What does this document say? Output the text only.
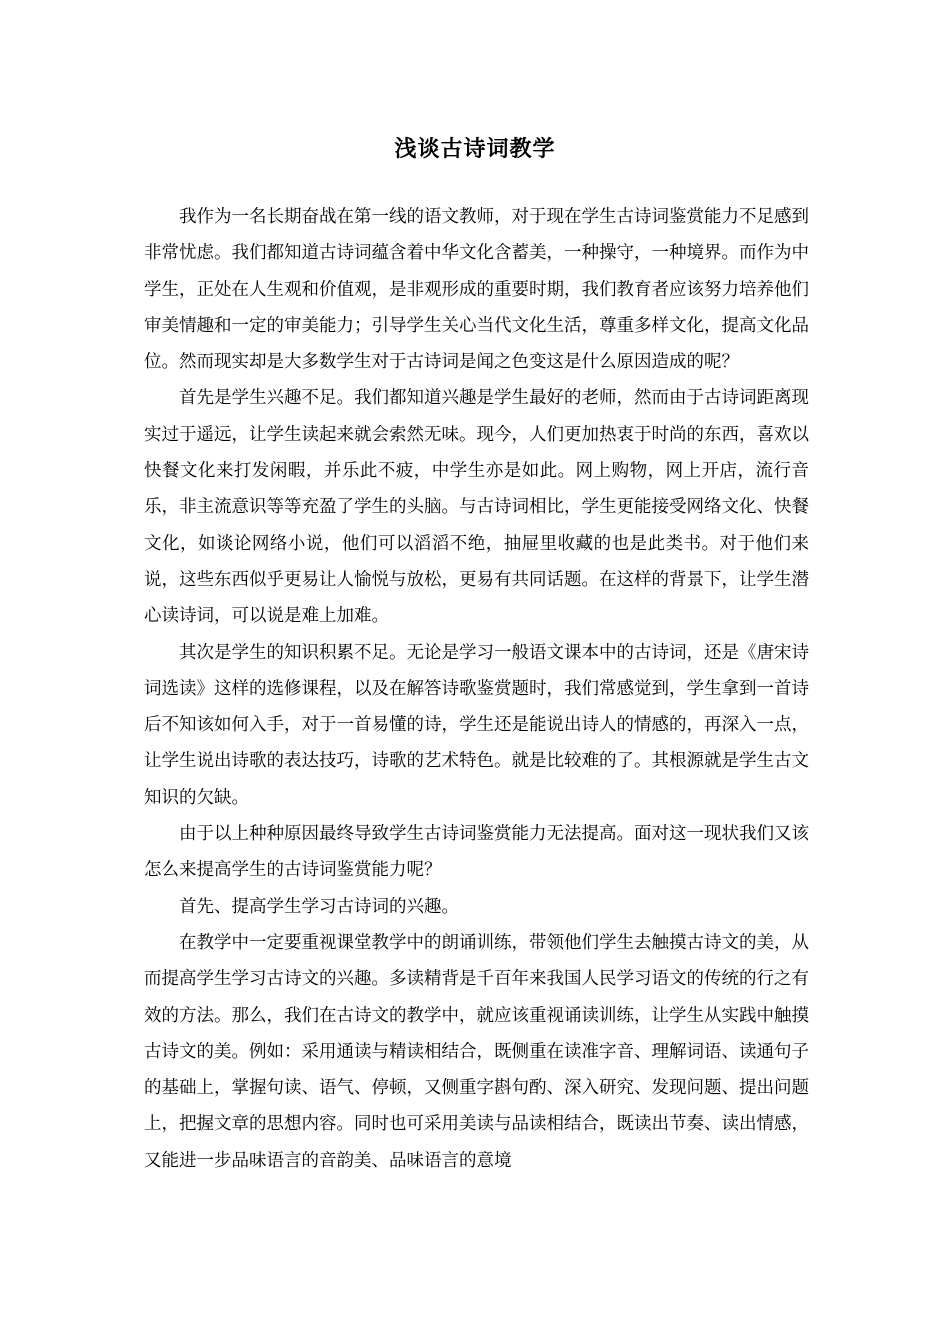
浅谈古诗词教学

我作为一名长期奋战在第一线的语文教师，对于现在学生古诗词鉴赏能力不足感到非常忧虑。我们都知道古诗词蕴含着中华文化含蓄美，一种操守，一种境界。而作为中学生，正处在人生观和价值观，是非观形成的重要时期，我们教育者应该努力培养他们审美情趣和一定的审美能力；引导学生关心当代文化生活，尊重多样文化，提高文化品位。然而现实却是大多数学生对于古诗词是闻之色变这是什么原因造成的呢？

首先是学生兴趣不足。我们都知道兴趣是学生最好的老师，然而由于古诗词距离现实过于遥远，让学生读起来就会索然无味。现今，人们更加热衷于时尚的东西，喜欢以快餐文化来打发闲暇，并乐此不疲，中学生亦是如此。网上购物，网上开店，流行音乐，非主流意识等等充盈了学生的头脑。与古诗词相比，学生更能接受网络文化、快餐文化，如谈论网络小说，他们可以滔滔不绝，抽屉里收藏的也是此类书。对于他们来说，这些东西似乎更易让人愉悦与放松，更易有共同话题。在这样的背景下，让学生潜心读诗词，可以说是难上加难。

其次是学生的知识积累不足。无论是学习一般语文课本中的古诗词，还是《唐宋诗词选读》这样的选修课程，以及在解答诗歌鉴赏题时，我们常感觉到，学生拿到一首诗后不知该如何入手，对于一首易懂的诗，学生还是能说出诗人的情感的，再深入一点，让学生说出诗歌的表达技巧，诗歌的艺术特色。就是比较难的了。其根源就是学生古文知识的欠缺。

由于以上种种原因最终导致学生古诗词鉴赏能力无法提高。面对这一现状我们又该怎么来提高学生的古诗词鉴赏能力呢？

首先、提高学生学习古诗词的兴趣。

在教学中一定要重视课堂教学中的朗诵训练，带领他们学生去触摸古诗文的美，从而提高学生学习古诗文的兴趣。多读精背是千百年来我国人民学习语文的传统的行之有效的方法。那么，我们在古诗文的教学中，就应该重视诵读训练，让学生从实践中触摸古诗文的美。例如：采用通读与精读相结合，既侧重在读准字音、理解词语、读通句子的基础上，掌握句读、语气、停顿，又侧重字斟句酌、深入研究、发现问题、提出问题上，把握文章的思想内容。同时也可采用美读与品读相结合，既读出节奏、读出情感，又能进一步品味语言的音韵美、品味语言的意境
